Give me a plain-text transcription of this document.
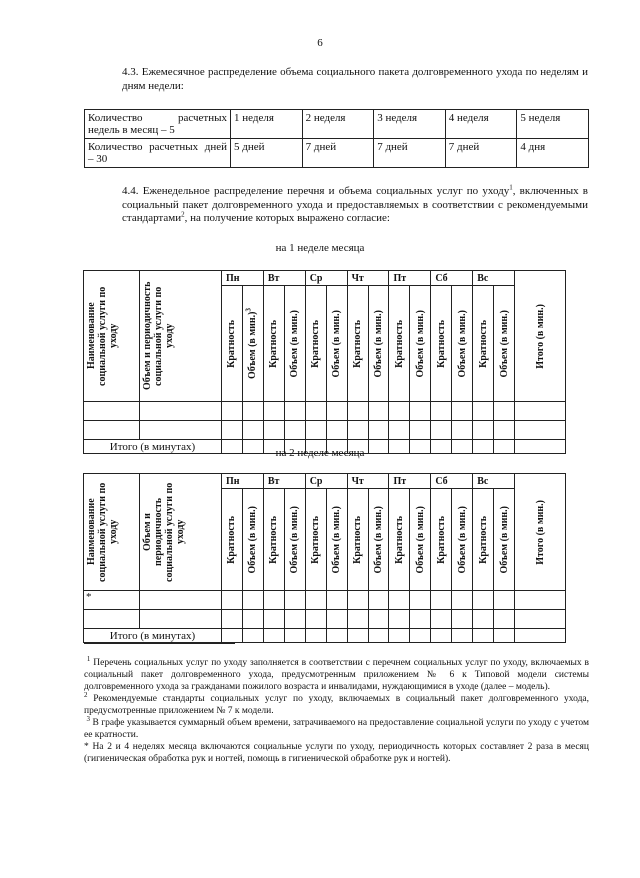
6

4.3. Ежемесячное распределение объема социального пакета долговременного ухода по неделям и дням недели:

Количество расчетных недель в месяц – 5	1 неделя	2 неделя	3 неделя	4 неделя	5 неделя
Количество расчетных дней – 30	5 дней	7 дней	7 дней	7 дней	4 дня

4.4. Еженедельное распределение перечня и объема социальных услуг по уходу$^1$, включенных в социальный пакет долговременного ухода и предоставляемых в соответствии с рекомендуемыми стандартами$^2$, на получение которых выражено согласие:

на 1 неделе месяца
Наименование социальной услуги по уходу	Объем и периодичность социальной услуги по уходу	Пн		Вт		Ср		Чт		Пт		Сб		Вс		Итого (в мин.)

		Кратность	Объем (в мин.)$^3$	Кратность	Объем (в мин.)	Кратность	Объем (в мин.)	Кратность	Объем (в мин.)	Кратность	Объем (в мин.)	Кратность	Объем (в мин.)	Кратность	Объем (в мин.)	

Итого (в минутах)																
на 2 неделе месяца
Наименование социальной услуги по уходу	Объем и периодичность социальной услуги по уходу	Пн		Вт		Ср		Чт		Пт		Сб		Вс		Итого (в мин.)

		Кратность	Объем (в мин.)	Кратность	Объем (в мин.)	Кратность	Объем (в мин.)	Кратность	Объем (в мин.)	Кратность	Объем (в мин.)	Кратность	Объем (в мин.)	Кратность	Объем (в мин.)	

*																

Итого (в минутах)																

$^1$ Перечень социальных услуг по уходу заполняется в соответствии с перечнем социальных услуг по уходу, включаемых в социальный пакет долговременного ухода, предусмотренным приложением № 6 к Типовой модели системы долговременного ухода за гражданами пожилого возраста и инвалидами, нуждающимися в уходе (далее – модель).

$^2$ Рекомендуемые стандарты социальных услуг по уходу, включаемых в социальный пакет долговременного ухода, предусмотренные приложением № 7 к модели.

$^3$ В графе указывается суммарный объем времени, затрачиваемого на предоставление социальной услуги по уходу с учетом ее кратности.

* На 2 и 4 неделях месяца включаются социальные услуги по уходу, периодичность которых составляет 2 раза в месяц (гигиеническая обработка рук и ногтей, помощь в гигиенической обработке рук и ногтей).
